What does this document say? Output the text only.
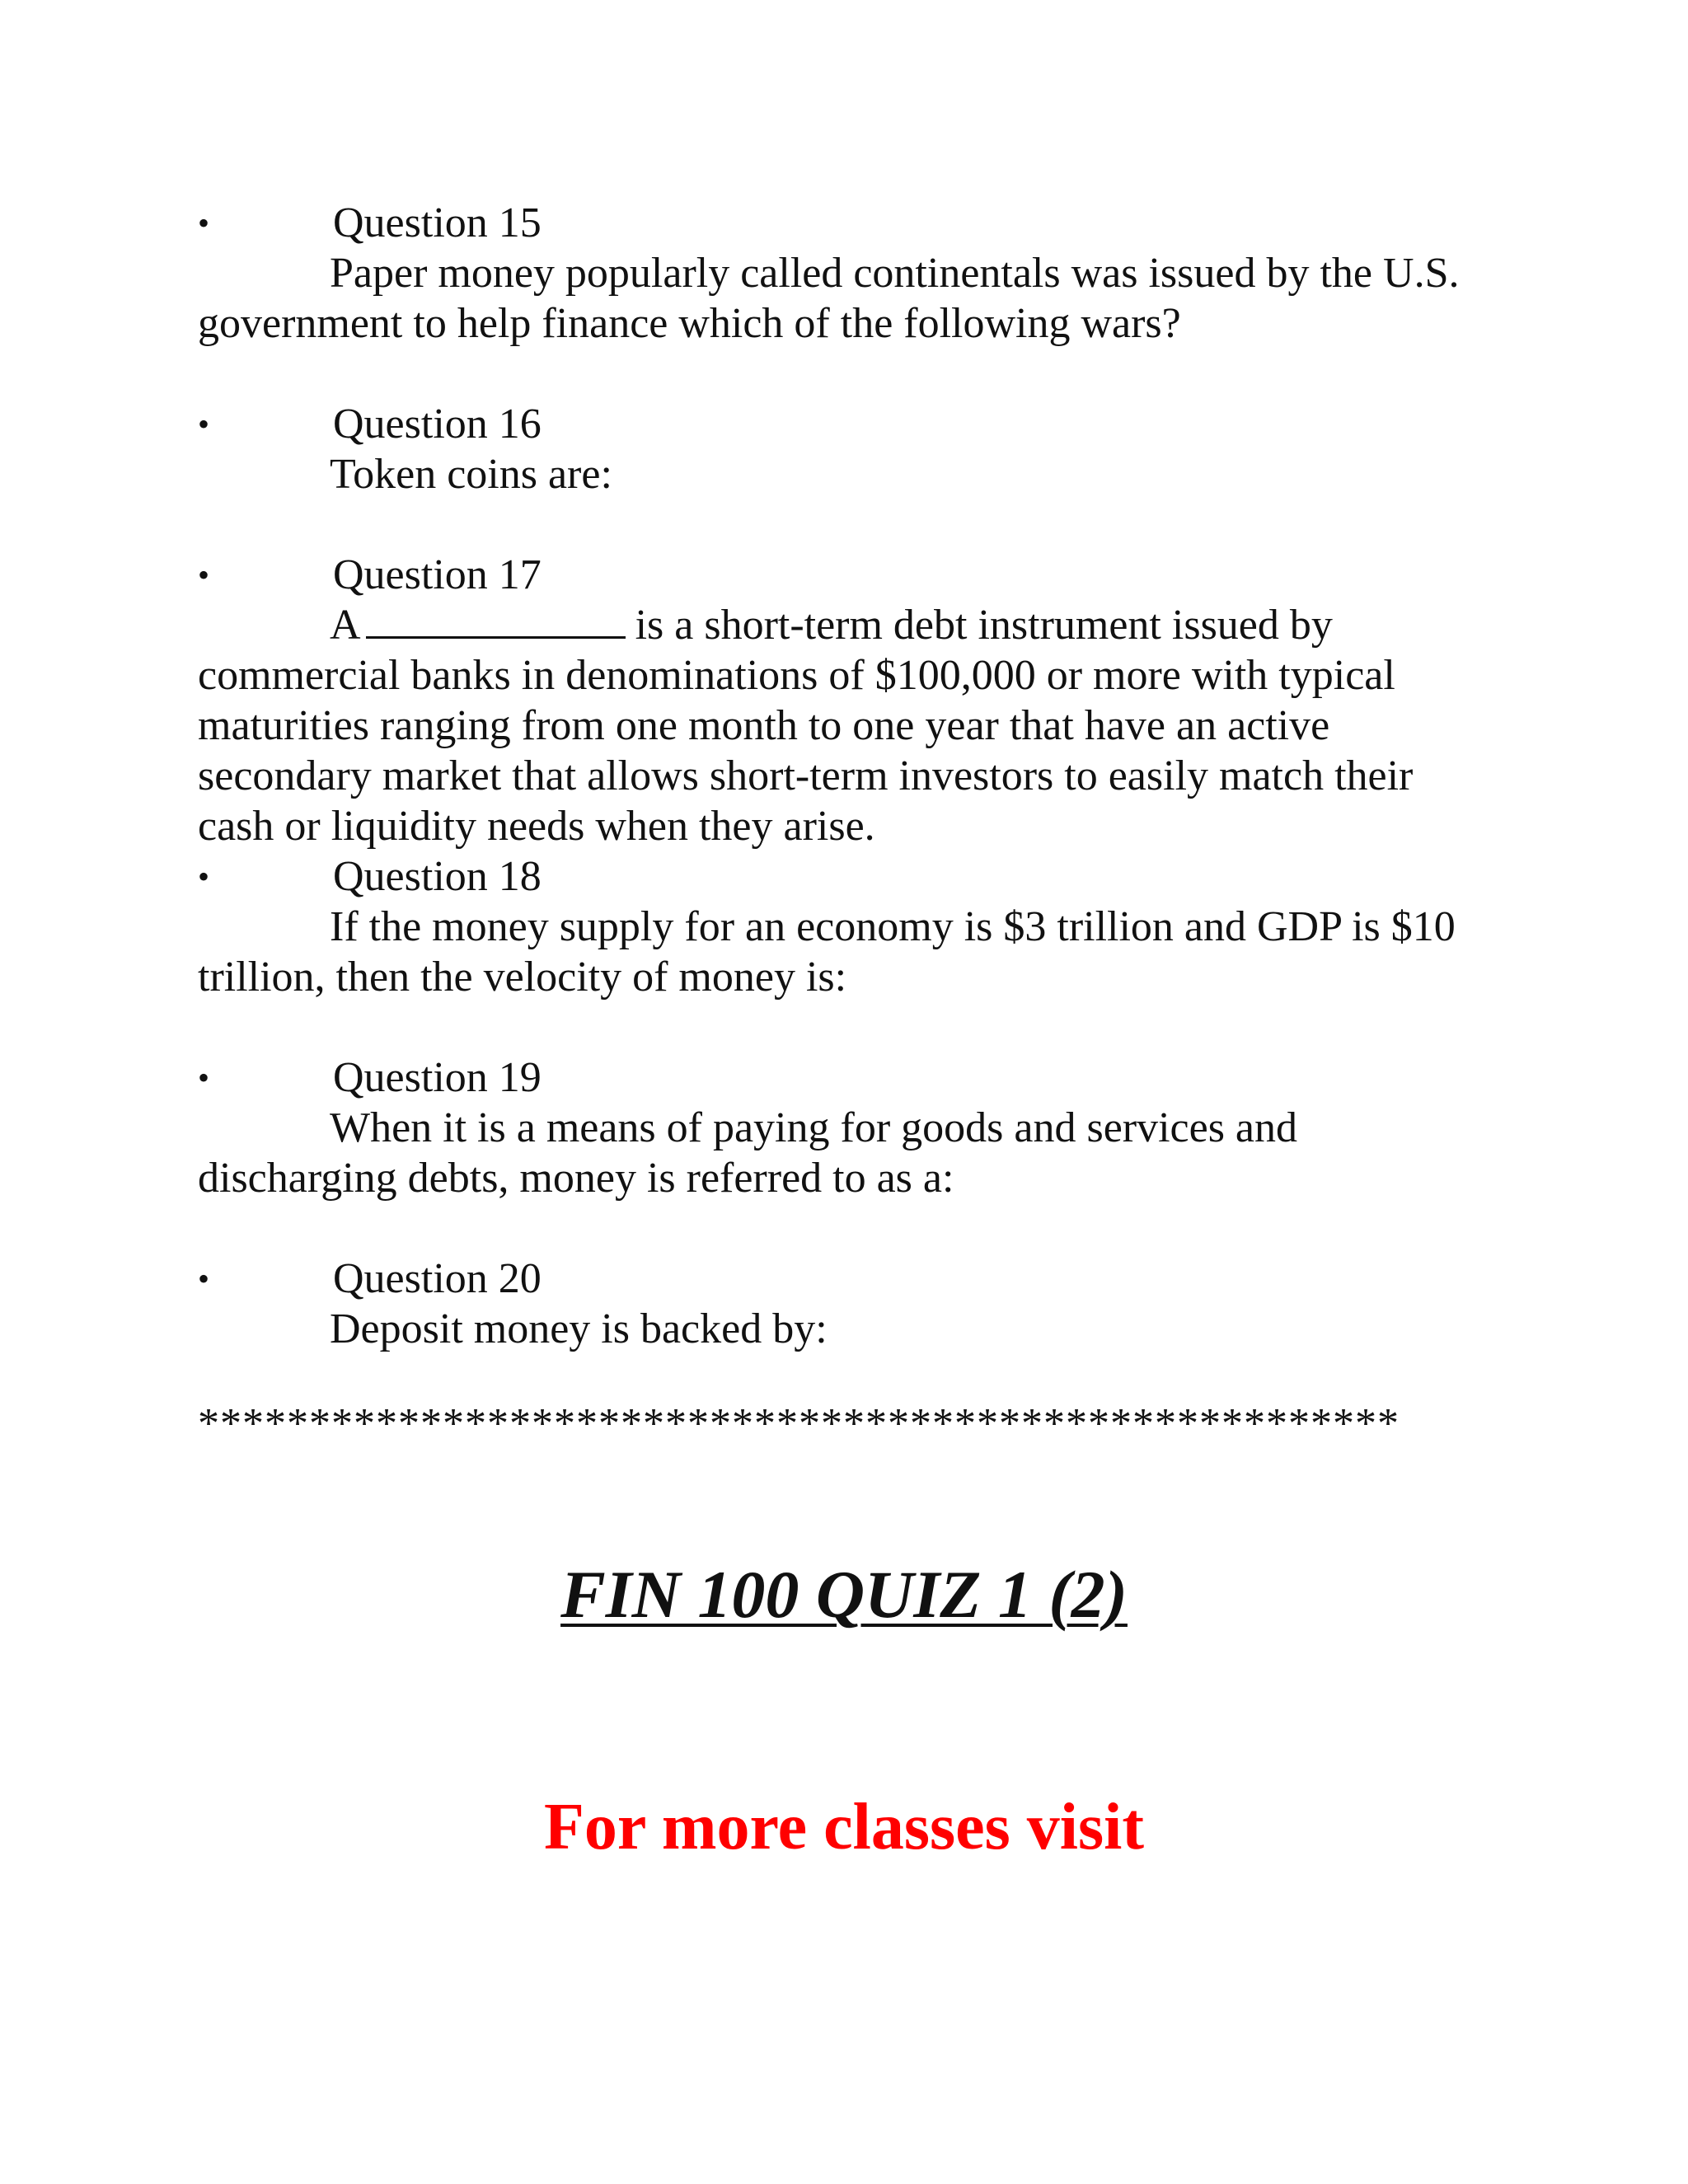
•	Question 15
Paper money popularly called continentals was issued by the U.S. government to help finance which of the following wars?
•	Question 16
Token coins are:
•	Question 17
A	is a short-term debt instrument issued by commercial banks in denominations of $100,000 or more with typical maturities ranging from one month to one year that have an active secondary market that allows short-term investors to easily match their cash or liquidity needs when they arise.
•	Question 18
If the money supply for an economy is $3 trillion and GDP is $10 trillion, then the velocity of money is:
•	Question 19
When it is a means of paying for goods and services and discharging debts, money is referred to as a:
•	Question 20
Deposit money is backed by:
******************************************************
FIN 100 QUIZ 1 (2)
For more classes visit
